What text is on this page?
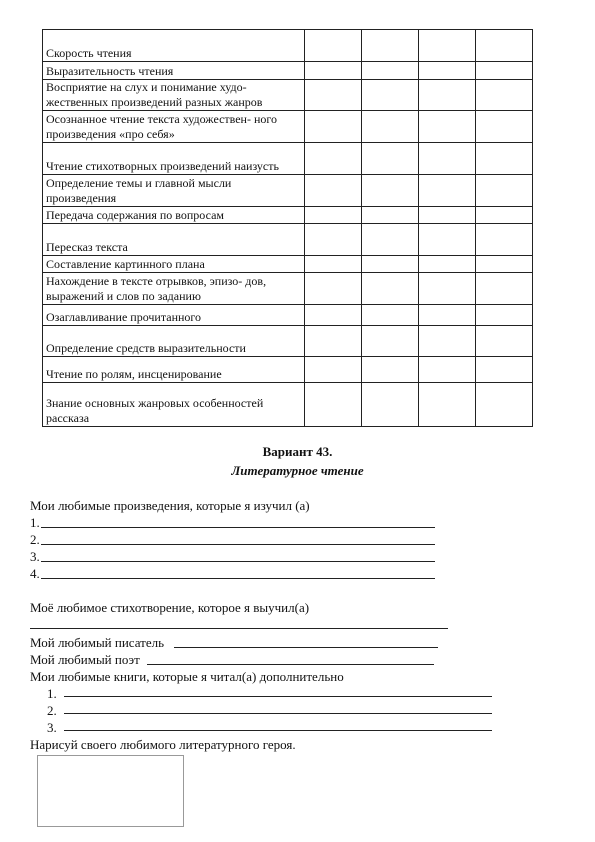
Скорость чтения				
Выразительность чтения				
Восприятие на слух и понимание худо- жественных произведений разных жанров				
Осознанное чтение текста художествен- ного произведения «про себя»				
Чтение стихотворных произведений наизусть				
Определение темы и главной мысли произведения				
Передача содержания по вопросам				
Пересказ текста				
Составление картинного плана				
Нахождение в тексте отрывков, эпизо- дов, выражений и слов по заданию				
Озаглавливание прочитанного				
Определение средств выразительности				
Чтение по ролям, инсценирование				
Знание основных жанровых особенностей рассказа				
Вариант 43.
Литературное чтение
Мои любимые произведения, которые я изучил (а)
1.
2.
3.
4.
Моё любимое стихотворение, которое я выучил(а)
Мой любимый писатель
Мой любимый поэт
Мои любимые книги, которые я читал(а) дополнительно
1.
2.
3.
Нарисуй своего любимого литературного героя.
